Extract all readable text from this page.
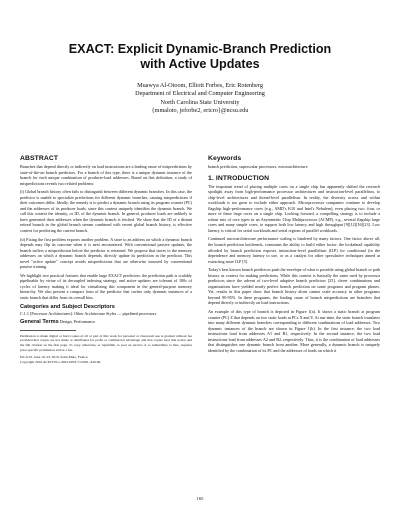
EXACT: Explicit Dynamic-Branch Prediction
with Active Updates
Muawya Al-Otoom, Elliott Forbes, Eric Rotenberg
Department of Electrical and Computer Engineering
North Carolina State University
{mmaloto, jeforbe2, ericro}@ncsu.edu
ABSTRACT

Branches that depend directly or indirectly on load instructions are a leading cause of mispredictions by state-of-the-art branch predictors. For a branch of this type, there is a unique dynamic instance of the branch for each unique combination of producer-load addresses. Based on this definition, a study of mispredictions reveals two related problems:

(i) Global branch history often fails to distinguish between different dynamic branches. In this case, the predictor is unable to specialize predictions for different dynamic branches, causing mispredictions if their outcomes differ. Ideally, the remedy is to predict a dynamic branch using its program counter (PC) and the addresses of its producer loads, since this context uniquely identifies the dynamic branch. We call this context the identity, or ID, of the dynamic branch. In general, producer loads are unlikely to have generated their addresses when the dynamic branch is fetched. We show that the ID of a distant retired branch in the global branch stream combined with recent global branch history, is effective context for predicting the current branch.

(ii) Fixing the first problem exposes another problem. A store to an address on which a dynamic branch depends may flip its outcome when it is next encountered. With conventional passive updates, the branch suffers a misprediction before the predictor is retrained. We propose that stores to the memory addresses on which a dynamic branch depends, directly update its prediction in the predictor. This novel "active update" concept avoids mispredictions that are otherwise incurred by conventional passive training.

We highlight two practical features that enable large EXACT predictors: the prediction path is scalably pipelinable by virtue of its decoupled indexing strategy, and active updates are tolerant of 100s of cycles of latency making it ideal for virtualizing this component in the general-purpose memory hierarchy. We also present a compact form of the predictor that caches only dynamic instances of a static branch that differ from its overall bias.

Categories and Subject Descriptors

C.1.1 [Processor Architectures]: Other Architecture Styles — pipelined processors

General Terms Design, Performance.

Permission to make digital or hard copies of all or part of this work for personal or classroom use is granted without fee provided that copies are not made or distributed for profit or commercial advantage and that copies bear this notice and the full citation on the first page. To copy otherwise, or republish, to post on servers or to redistribute to lists, requires prior specific permission and/or a fee.

ISCA'10, June 19–23, 2010, Saint-Malo, France.

Copyright 2010 ACM 978-1-4503-0053-7/10/06...$10.00.

Keywords

branch prediction, superscalar processors, microarchitecture

1. INTRODUCTION

The important trend of placing multiple cores on a single chip has apparently shifted the research spotlight away from high-performance processor architectures and instruction-level parallelism, to chip-level architectures and thread-level parallelism. In reality, the diversity across and within workloads is too great to exclude either approach. Microprocessor companies continue to develop flagship high-performance cores (e.g., AMD's K10 and Intel's Nehalem), even placing two, four, or more of these large cores on a single chip. Looking forward, a compelling strategy is to include a robust mix of core types in an Asymmetric Chip Multiprocessor (ACMP), e.g., several flagship large cores and many simple cores, to support both low latency and high throughput [9][12][16][23]. Low latency is critical for serial workloads and serial regions of parallel workloads.

Continued microarchitecture performance scaling is hindered by many factors. One factor above all, the branch prediction bottleneck, constrains the ability to build either factor: the lookahead capability afforded by branch prediction exposes instruction-level parallelism (ILP) for conditional (in the dependence and memory latency to use, or as a catalyst for other speculative techniques aimed at extracting more ILP [5].

Today's best known branch predictors push the envelope of what is possible using global branch or path history as context for making predictions. While this context is basically the same used by processor predictors since the advent of two-level adaptive branch predictors [25], clever combinations and organizations have yielded nearly perfect branch prediction on some programs and program phases. Yet, results in this paper show that branch history alone cannot scale accuracy in other programs beyond 90-95%. In these programs, the leading cause of branch mispredictions are branches that depend directly or indirectly on load instructions.

An example of this type of branch is depicted in Figure 1(a). It shows a static branch at program counter (PC) Z that depends on two static loads at PCs X and Y. At run-time, the static branch translates into many different dynamic branches corresponding to different combinations of load addresses. Two dynamic instances of the branch are shown in Figure 1(b). In the first instance, the two load instructions load from addresses A1 and B1, respectively. In the second instance, the two load instructions load from addresses A2 and B2, respectively. Thus, it is the combination of load addresses that distinguishes one dynamic branch from another. More generally, a dynamic branch is uniquely identified by the combination of its PC and the addresses of loads on which it

165
